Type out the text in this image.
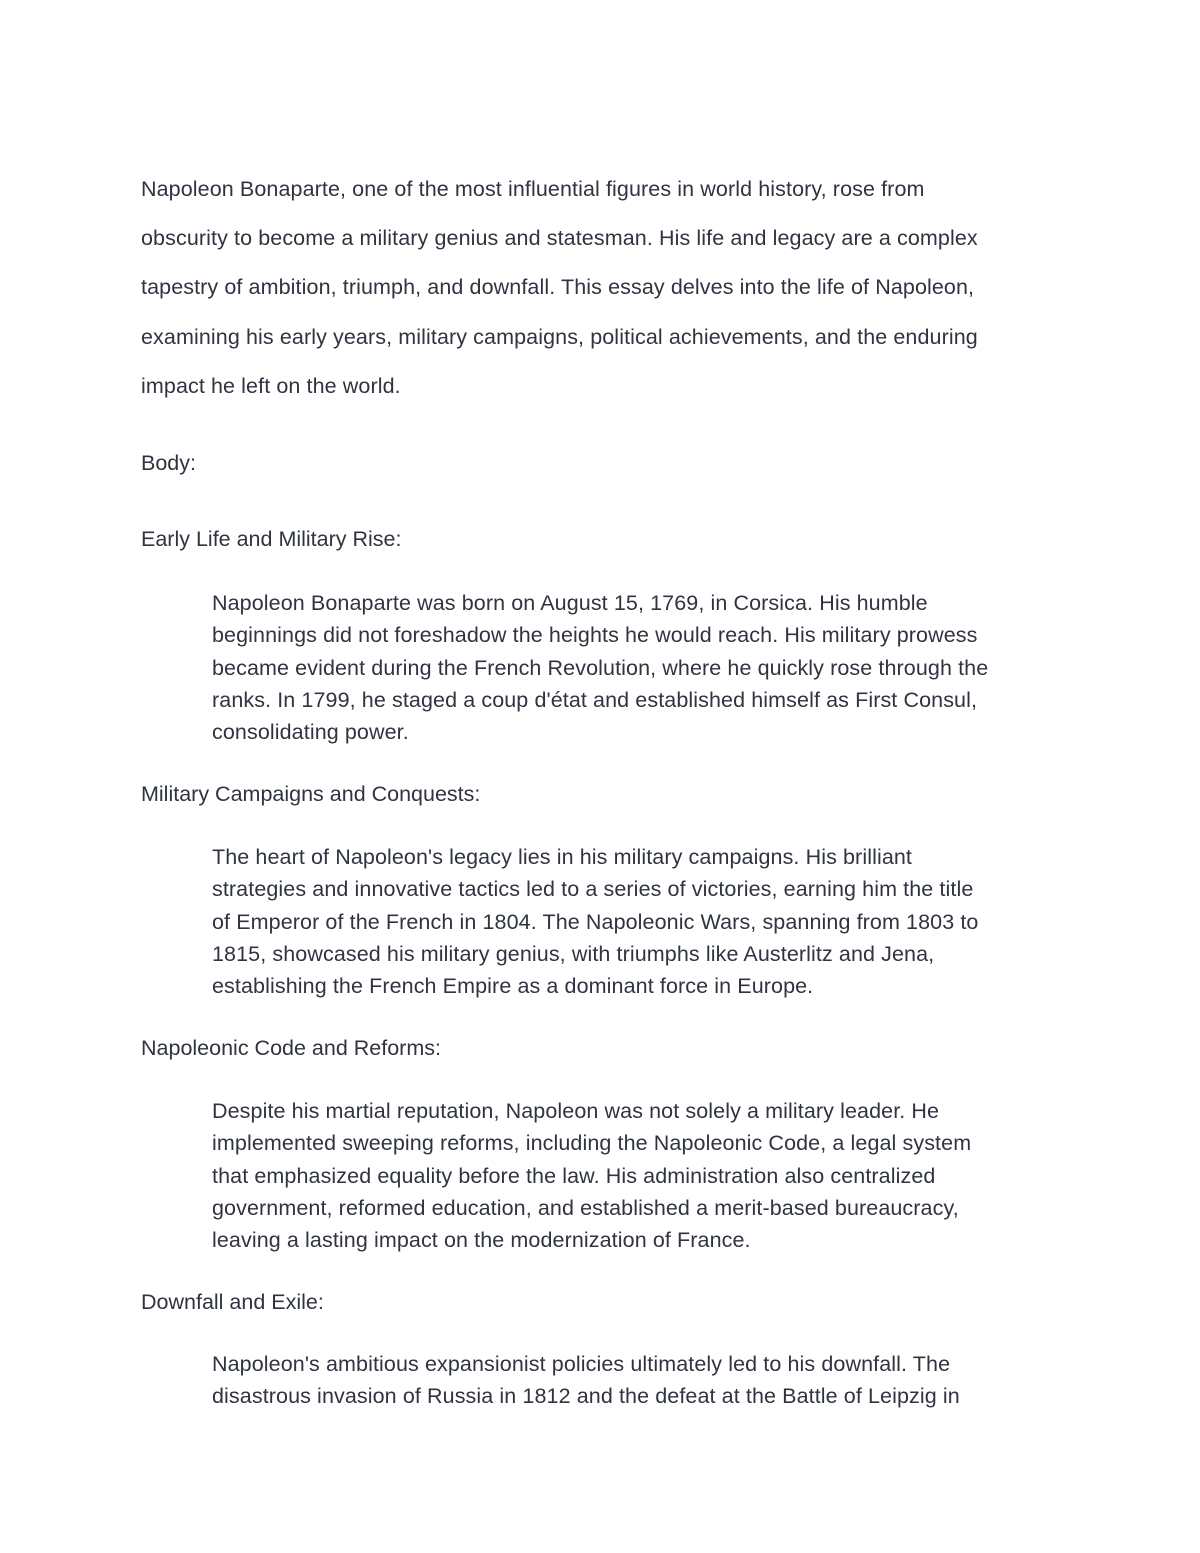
Napoleon Bonaparte, one of the most influential figures in world history, rose from
obscurity to become a military genius and statesman. His life and legacy are a complex
tapestry of ambition, triumph, and downfall. This essay delves into the life of Napoleon,
examining his early years, military campaigns, political achievements, and the enduring
impact he left on the world.

Body:
Early Life and Military Rise:

Napoleon Bonaparte was born on August 15, 1769, in Corsica. His humble
beginnings did not foreshadow the heights he would reach. His military prowess
became evident during the French Revolution, where he quickly rose through the
ranks. In 1799, he staged a coup d'état and established himself as First Consul,
consolidating power.

Military Campaigns and Conquests:

The heart of Napoleon's legacy lies in his military campaigns. His brilliant
strategies and innovative tactics led to a series of victories, earning him the title
of Emperor of the French in 1804. The Napoleonic Wars, spanning from 1803 to
1815, showcased his military genius, with triumphs like Austerlitz and Jena,
establishing the French Empire as a dominant force in Europe.

Napoleonic Code and Reforms:

Despite his martial reputation, Napoleon was not solely a military leader. He
implemented sweeping reforms, including the Napoleonic Code, a legal system
that emphasized equality before the law. His administration also centralized
government, reformed education, and established a merit-based bureaucracy,
leaving a lasting impact on the modernization of France.

Downfall and Exile:

Napoleon's ambitious expansionist policies ultimately led to his downfall. The
disastrous invasion of Russia in 1812 and the defeat at the Battle of Leipzig in
